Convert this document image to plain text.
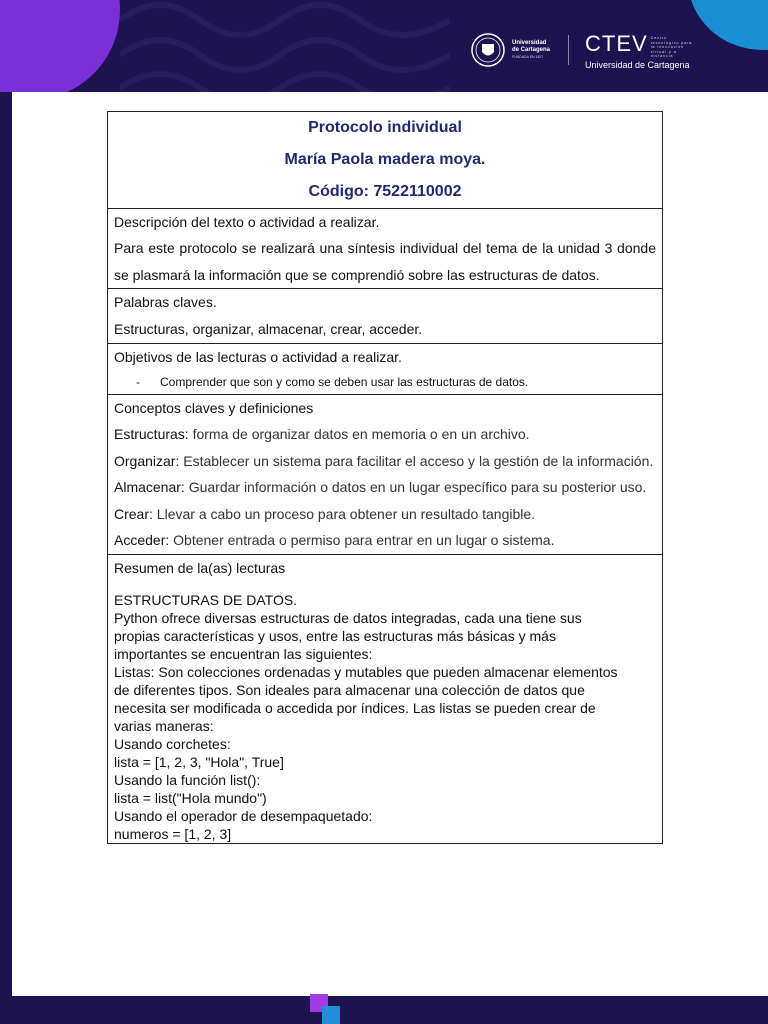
Universidad
de Cartagena
FUNDADA EN 1827
CTEV Centro tecnológico para la innovación virtual y a distancia
Universidad de Cartagena
Protocolo individual
María Paola madera moya.
Código: 7522110002

Descripción del texto o actividad a realizar.
Para este protocolo se realizará una síntesis individual del tema de la unidad 3 donde se plasmará la información que se comprendió sobre las estructuras de datos.

Palabras claves.
Estructuras, organizar, almacenar, crear, acceder.

Objetivos de las lecturas o actividad a realizar.
- Comprender que son y como se deben usar las estructuras de datos.

Conceptos claves y definiciones
Estructuras: forma de organizar datos en memoria o en un archivo.
Organizar: Establecer un sistema para facilitar el acceso y la gestión de la información.
Almacenar: Guardar información o datos en un lugar específico para su posterior uso.
Crear: Llevar a cabo un proceso para obtener un resultado tangible.
Acceder: Obtener entrada o permiso para entrar en un lugar o sistema.

Resumen de la(as) lecturas
ESTRUCTURAS DE DATOS.
Python ofrece diversas estructuras de datos integradas, cada una tiene sus
propias características y usos, entre las estructuras más básicas y más
importantes se encuentran las siguientes:
Listas: Son colecciones ordenadas y mutables que pueden almacenar elementos
de diferentes tipos. Son ideales para almacenar una colección de datos que
necesita ser modificada o accedida por índices. Las listas se pueden crear de
varias maneras:
Usando corchetes:
lista = [1, 2, 3, "Hola", True]
Usando la función list():
lista = list("Hola mundo")
Usando el operador de desempaquetado:
numeros = [1, 2, 3]
